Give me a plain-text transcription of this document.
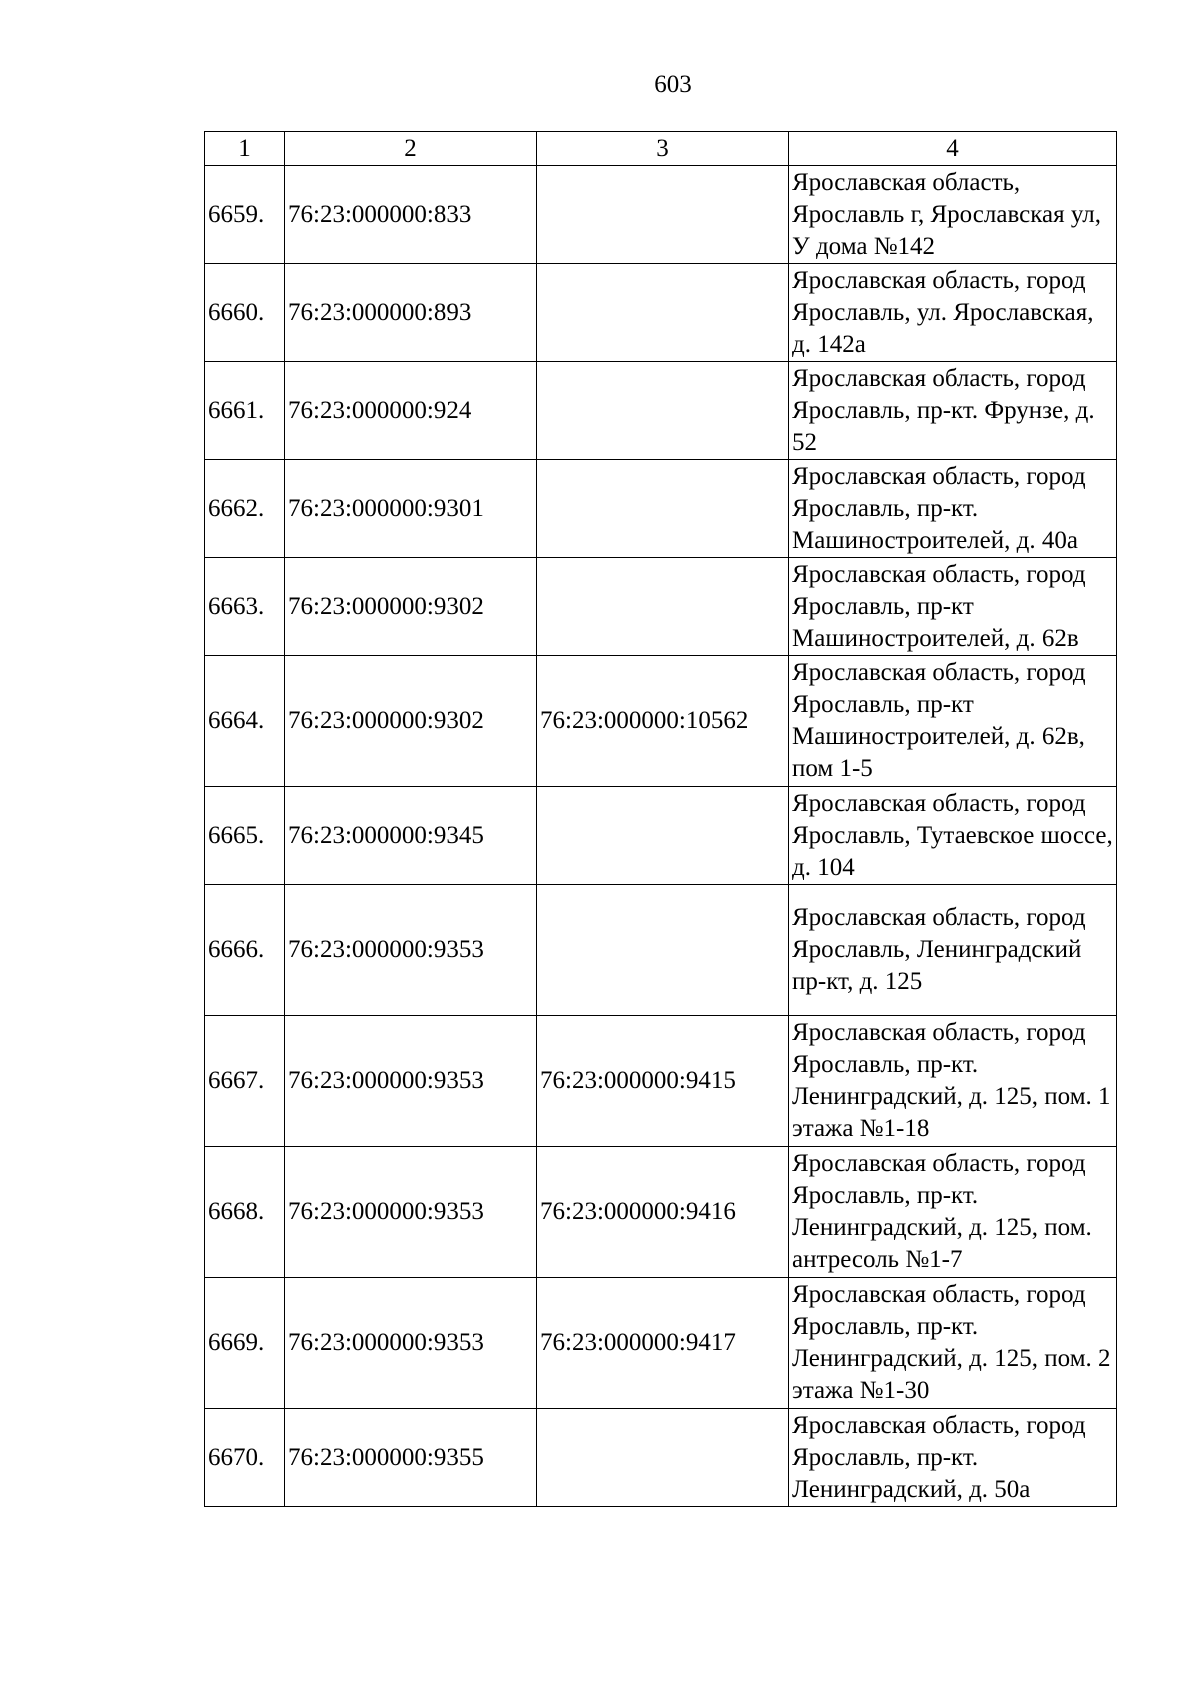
603
1	2	3	4
6659.	76:23:000000:833		Ярославская область, Ярославль г, Ярославская ул, У дома №142
6660.	76:23:000000:893		Ярославская область, город Ярославль, ул. Ярославская, д. 142а
6661.	76:23:000000:924		Ярославская область, город Ярославль, пр-кт. Фрунзе, д. 52
6662.	76:23:000000:9301		Ярославская область, город Ярославль, пр-кт. Машиностроителей, д. 40а
6663.	76:23:000000:9302		Ярославская область, город Ярославль, пр-кт Машиностроителей, д. 62в
6664.	76:23:000000:9302	76:23:000000:10562	Ярославская область, город Ярославль, пр-кт Машиностроителей, д. 62в, пом 1-5
6665.	76:23:000000:9345		Ярославская область, город Ярославль, Тутаевское шоссе, д. 104
6666.	76:23:000000:9353		Ярославская область, город Ярославль, Ленинградский пр-кт, д. 125
6667.	76:23:000000:9353	76:23:000000:9415	Ярославская область, город Ярославль, пр-кт. Ленинградский, д. 125, пом. 1 этажа №1-18
6668.	76:23:000000:9353	76:23:000000:9416	Ярославская область, город Ярославль, пр-кт. Ленинградский, д. 125, пом. антресоль №1-7
6669.	76:23:000000:9353	76:23:000000:9417	Ярославская область, город Ярославль, пр-кт. Ленинградский, д. 125, пом. 2 этажа №1-30
6670.	76:23:000000:9355		Ярославская область, город Ярославль, пр-кт. Ленинградский, д. 50а
